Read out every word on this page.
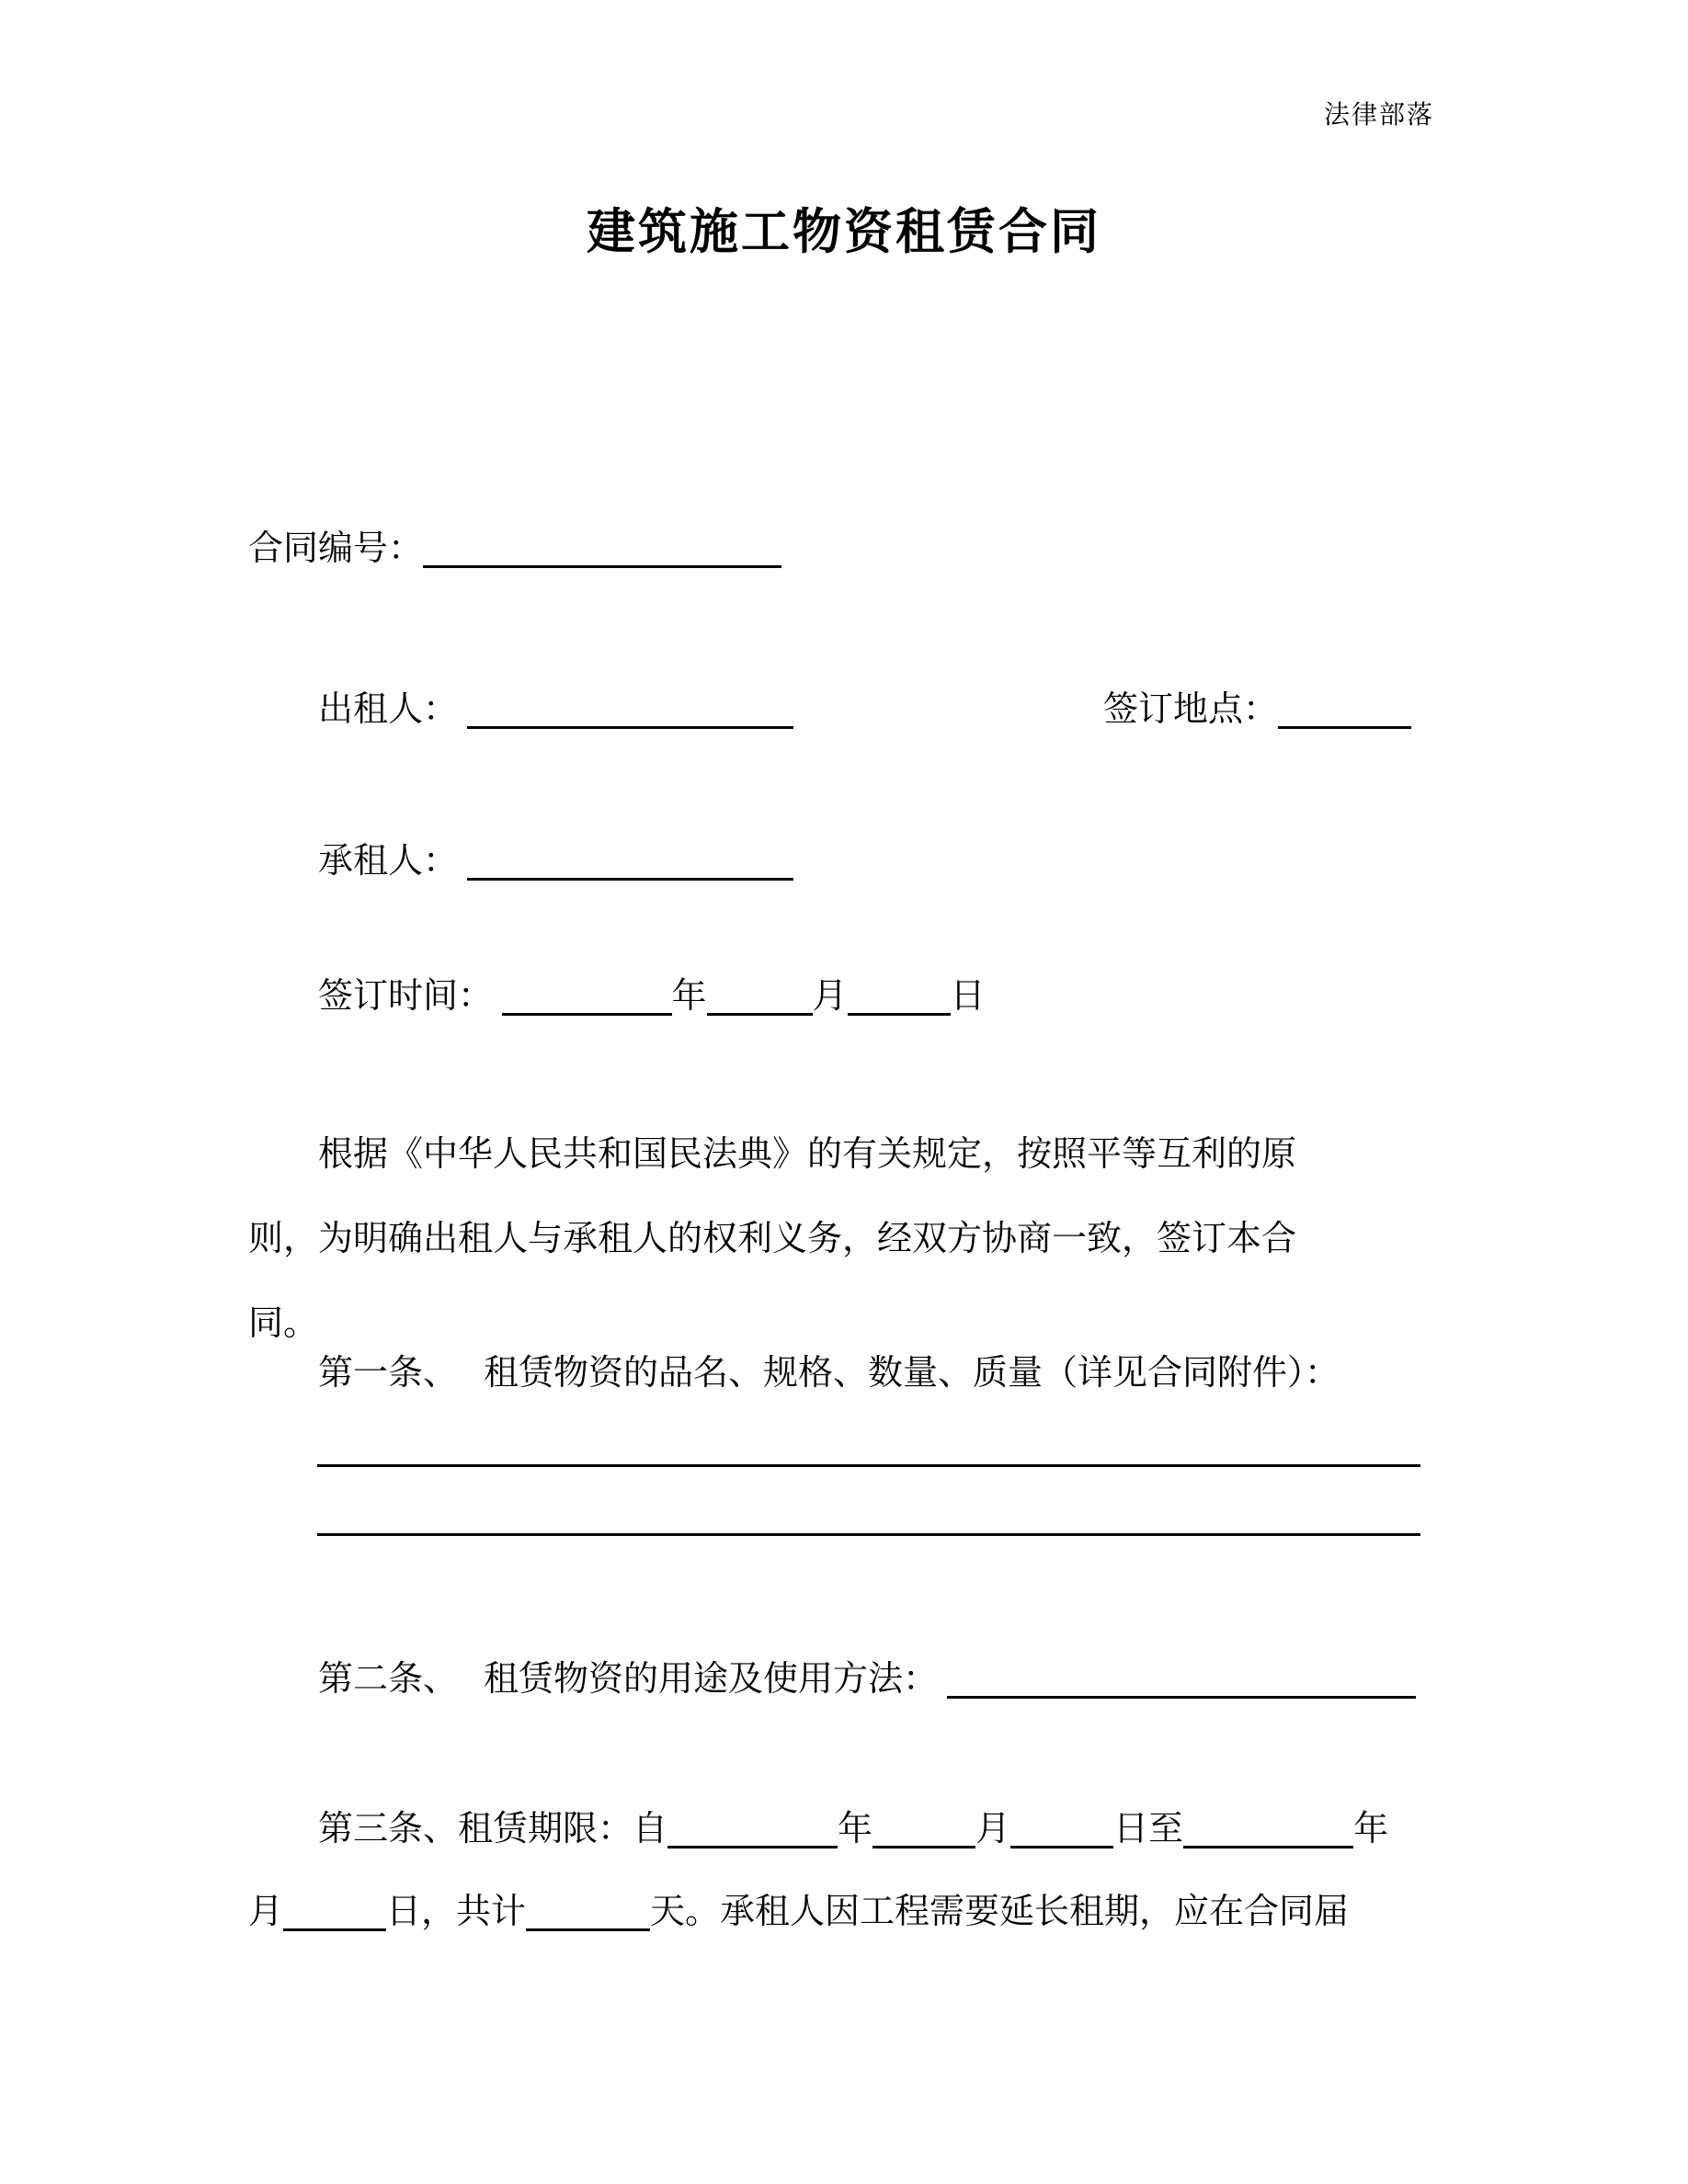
法律部落
建筑施工物资租赁合同
合同编号：
出租人：	签订地点：
承租人：
签订时间：	年	月	日

根据《中华人民共和国民法典》的有关规定，按照平等互利的原则，为明确出租人与承租人的权利义务，经双方协商一致，签订本合同。

第一条、 租赁物资的品名、规格、数量、质量（详见合同附件）：
第二条、 租赁物资的用途及使用方法：

第三条、租赁期限：自	年	月	日至	年
月	日，共计	天。承租人因工程需要延长租期，应在合同届
